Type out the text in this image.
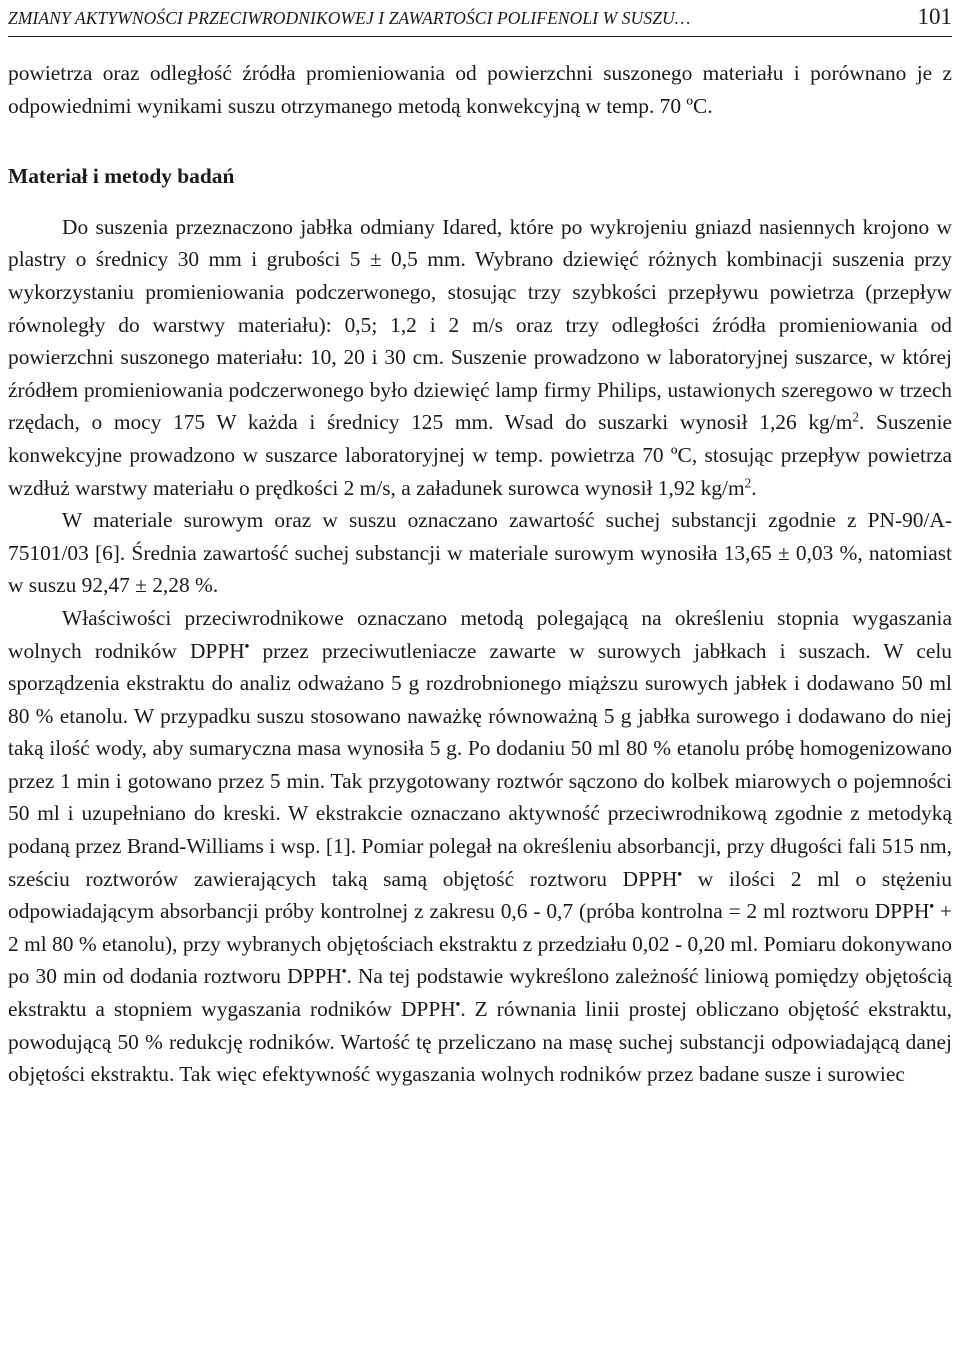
ZMIANY AKTYWNOŚCI PRZECIWRODNIKOWEJ I ZAWARTOŚCI POLIFENOLI W SUSZU…	101

powietrza oraz odległość źródła promieniowania od powierzchni suszonego materiału i porównano je z odpowiednimi wynikami suszu otrzymanego metodą konwekcyjną w temp. 70 ºC.

Materiał i metody badań

Do suszenia przeznaczono jabłka odmiany Idared, które po wykrojeniu gniazd nasiennych krojono w plastry o średnicy 30 mm i grubości 5 ± 0,5 mm. Wybrano dziewięć różnych kombinacji suszenia przy wykorzystaniu promieniowania podczerwonego, stosując trzy szybkości przepływu powietrza (przepływ równoległy do warstwy materiału): 0,5; 1,2 i 2 m/s oraz trzy odległości źródła promieniowania od powierzchni suszonego materiału: 10, 20 i 30 cm. Suszenie prowadzono w laboratoryjnej suszarce, w której źródłem promieniowania podczerwonego było dziewięć lamp firmy Philips, ustawionych szeregowo w trzech rzędach, o mocy 175 W każda i średnicy 125 mm. Wsad do suszarki wynosił 1,26 $kg/m^2$. Suszenie konwekcyjne prowadzono w suszarce laboratoryjnej w temp. powietrza 70 ºC, stosując przepływ powietrza wzdłuż warstwy materiału o prędkości 2 m/s, a załadunek surowca wynosił 1,92 $kg/m^2$.

W materiale surowym oraz w suszu oznaczano zawartość suchej substancji zgodnie z PN-90/A-75101/03 [6]. Średnia zawartość suchej substancji w materiale surowym wynosiła 13,65 ± 0,03 %, natomiast w suszu 92,47 ± 2,28 %.

Właściwości przeciwrodnikowe oznaczano metodą polegającą na określeniu stopnia wygaszania wolnych rodników DPPH• przez przeciwutleniacze zawarte w surowych jabłkach i suszach. W celu sporządzenia ekstraktu do analiz odważano 5 g rozdrobnionego miąższu surowych jabłek i dodawano 50 ml 80 % etanolu. W przypadku suszu stosowano naważkę równoważną 5 g jabłka surowego i dodawano do niej taką ilość wody, aby sumaryczna masa wynosiła 5 g. Po dodaniu 50 ml 80 % etanolu próbę homogenizowano przez 1 min i gotowano przez 5 min. Tak przygotowany roztwór sączono do kolbek miarowych o pojemności 50 ml i uzupełniano do kreski. W ekstrakcie oznaczano aktywność przeciwrodnikową zgodnie z metodyką podaną przez Brand-Williams i wsp. [1]. Pomiar polegał na określeniu absorbancji, przy długości fali 515 nm, sześciu roztworów zawierających taką samą objętość roztworu DPPH• w ilości 2 ml o stężeniu odpowiadającym absorbancji próby kontrolnej z zakresu 0,6 - 0,7 (próba kontrolna = 2 ml roztworu DPPH• + 2 ml 80 % etanolu), przy wybranych objętościach ekstraktu z przedziału 0,02 - 0,20 ml. Pomiaru dokonywano po 30 min od dodania roztworu DPPH•. Na tej podstawie wykreślono zależność liniową pomiędzy objętością ekstraktu a stopniem wygaszania rodników DPPH•. Z równania linii prostej obliczano objętość ekstraktu, powodującą 50 % redukcję rodników. Wartość tę przeliczano na masę suchej substancji odpowiadającą danej objętości ekstraktu. Tak więc efektywność wygaszania wolnych rodników przez badane susze i surowiec
